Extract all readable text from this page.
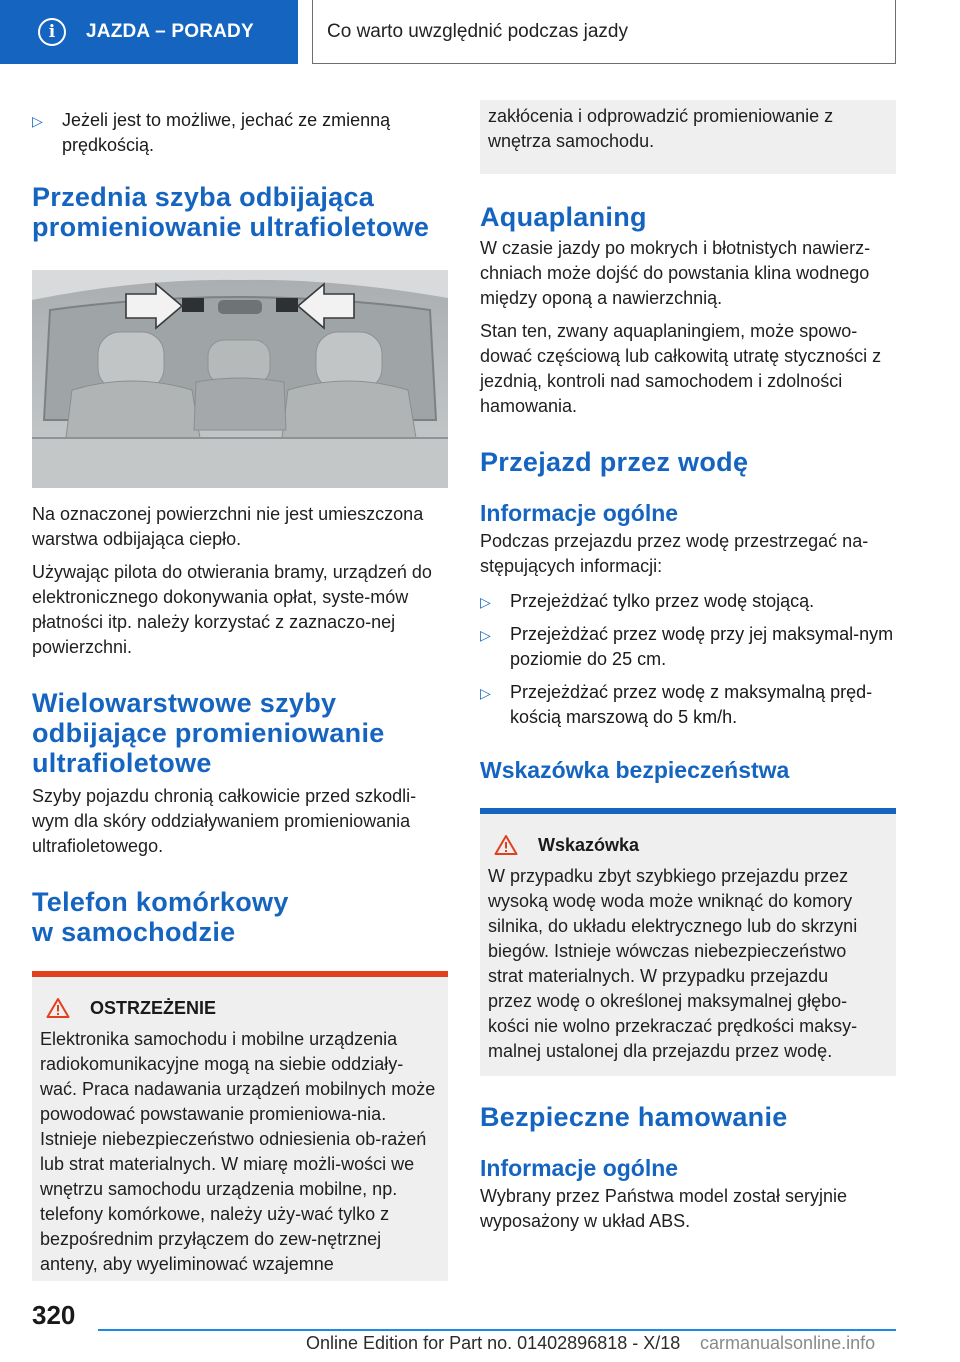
i	JAZDA – PORADY	Co warto uwzględnić podczas jazdy
▷ Jeżeli jest to możliwe, jechać ze zmienną prędkością.
Przednia szyba odbijająca promieniowanie ultrafioletowe

Na oznaczonej powierzchni nie jest umieszczona warstwa odbijająca ciepło.

Używając pilota do otwierania bramy, urządzeń do elektronicznego dokonywania opłat, syste-mów płatności itp. należy korzystać z zaznaczo-nej powierzchni.

Wielowarstwowe szyby odbijające promieniowanie ultrafioletowe

Szyby pojazdu chronią całkowicie przed szkodli-wym dla skóry oddziaływaniem promieniowania ultrafioletowego.

Telefon komórkowy w samochodzie
OSTRZEŻENIE

Elektronika samochodu i mobilne urządzenia radiokomunikacyjne mogą na siebie oddziały-wać. Praca nadawania urządzeń mobilnych może powodować powstawanie promieniowa-nia. Istnieje niebezpieczeństwo odniesienia ob-rażeń lub strat materialnych. W miarę możli-wości we wnętrzu samochodu urządzenia mobilne, np. telefony komórkowe, należy uży-wać tylko z bezpośrednim przyłączem do zew-nętrznej anteny, aby wyeliminować wzajemne

zakłócenia i odprowadzić promieniowanie z wnętrza samochodu.

Aquaplaning

W czasie jazdy po mokrych i błotnistych nawierz-chniach może dojść do powstania klina wodnego między oponą a nawierzchnią.

Stan ten, zwany aquaplaningiem, może spowo-dować częściową lub całkowitą utratę styczności z jezdnią, kontroli nad samochodem i zdolności hamowania.

Przejazd przez wodę
Informacje ogólne

Podczas przejazdu przez wodę przestrzegać na-stępujących informacji:

▷ Przejeżdżać tylko przez wodę stojącą.
▷ Przejeżdżać przez wodę przy jej maksymal-nym poziomie do 25 cm.
▷ Przejeżdżać przez wodę z maksymalną pręd-kością marszową do 5 km/h.
Wskazówka bezpieczeństwa
Wskazówka

W przypadku zbyt szybkiego przejazdu przez wysoką wodę woda może wniknąć do komory silnika, do układu elektrycznego lub do skrzyni biegów. Istnieje wówczas niebezpieczeństwo strat materialnych. W przypadku przejazdu przez wodę o określonej maksymalnej głębo-kości nie wolno przekraczać prędkości maksy-malnej ustalonej dla przejazdu przez wodę.

Bezpieczne hamowanie
Informacje ogólne

Wybrany przez Państwa model został seryjnie wyposażony w układ ABS.

320
Online Edition for Part no. 01402896818 - X/18 carmanualsonline.info
